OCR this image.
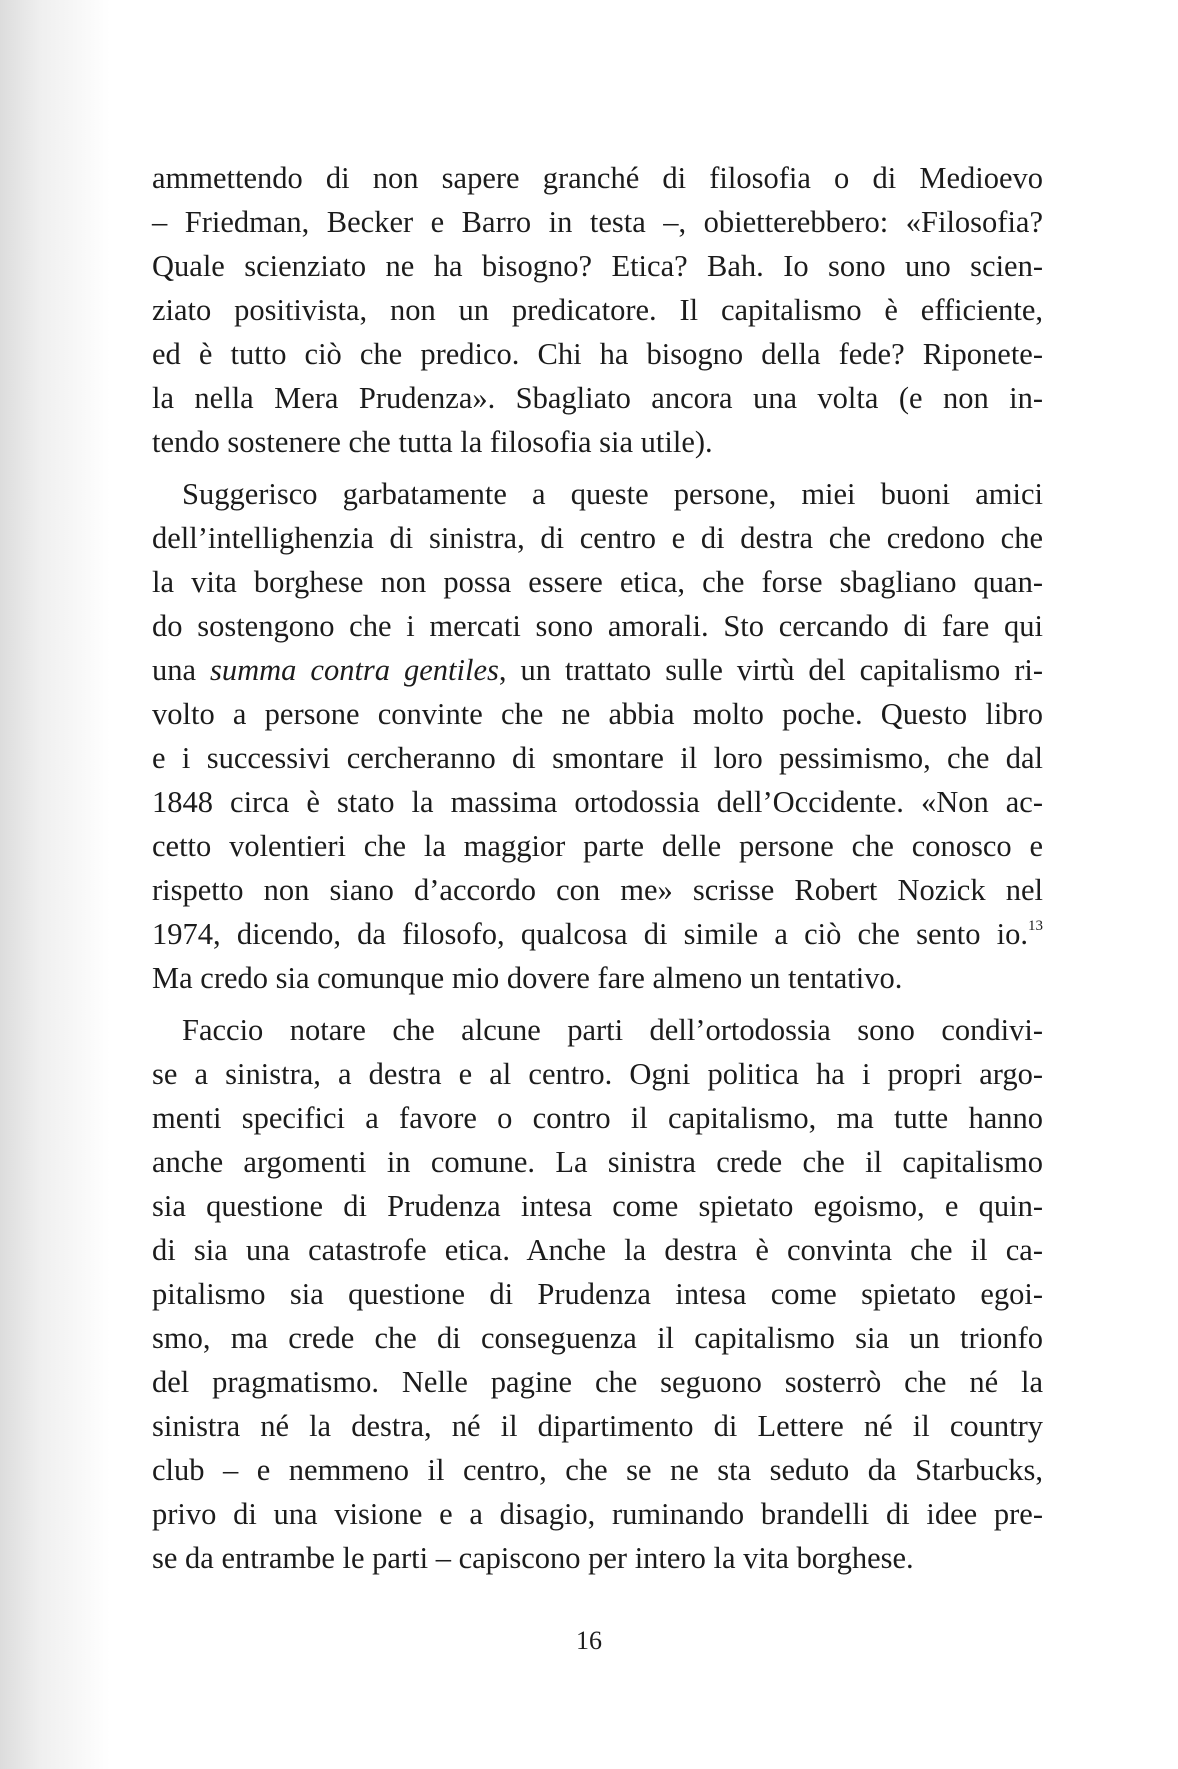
ammettendo di non sapere granché di filosofia o di Medioevo
– Friedman, Becker e Barro in testa –, obietterebbero: «Filosofia?
Quale scienziato ne ha bisogno? Etica? Bah. Io sono uno scien-
ziato positivista, non un predicatore. Il capitalismo è efficiente,
ed è tutto ciò che predico. Chi ha bisogno della fede? Riponete-
la nella Mera Prudenza». Sbagliato ancora una volta (e non in-
tendo sostenere che tutta la filosofia sia utile).
Suggerisco garbatamente a queste persone, miei buoni amici
dell’intellighenzia di sinistra, di centro e di destra che credono che
la vita borghese non possa essere etica, che forse sbagliano quan-
do sostengono che i mercati sono amorali. Sto cercando di fare qui
una summa contra gentiles, un trattato sulle virtù del capitalismo ri-
volto a persone convinte che ne abbia molto poche. Questo libro
e i successivi cercheranno di smontare il loro pessimismo, che dal
1848 circa è stato la massima ortodossia dell’Occidente. «Non ac-
cetto volentieri che la maggior parte delle persone che conosco e
rispetto non siano d’accordo con me» scrisse Robert Nozick nel
1974, dicendo, da filosofo, qualcosa di simile a ciò che sento io.$^{13}$
Ma credo sia comunque mio dovere fare almeno un tentativo.
Faccio notare che alcune parti dell’ortodossia sono condivi-
se a sinistra, a destra e al centro. Ogni politica ha i propri argo-
menti specifici a favore o contro il capitalismo, ma tutte hanno
anche argomenti in comune. La sinistra crede che il capitalismo
sia questione di Prudenza intesa come spietato egoismo, e quin-
di sia una catastrofe etica. Anche la destra è convinta che il ca-
pitalismo sia questione di Prudenza intesa come spietato egoi-
smo, ma crede che di conseguenza il capitalismo sia un trionfo
del pragmatismo. Nelle pagine che seguono sosterrò che né la
sinistra né la destra, né il dipartimento di Lettere né il country
club – e nemmeno il centro, che se ne sta seduto da Starbucks,
privo di una visione e a disagio, ruminando brandelli di idee pre-
se da entrambe le parti – capiscono per intero la vita borghese.
16
